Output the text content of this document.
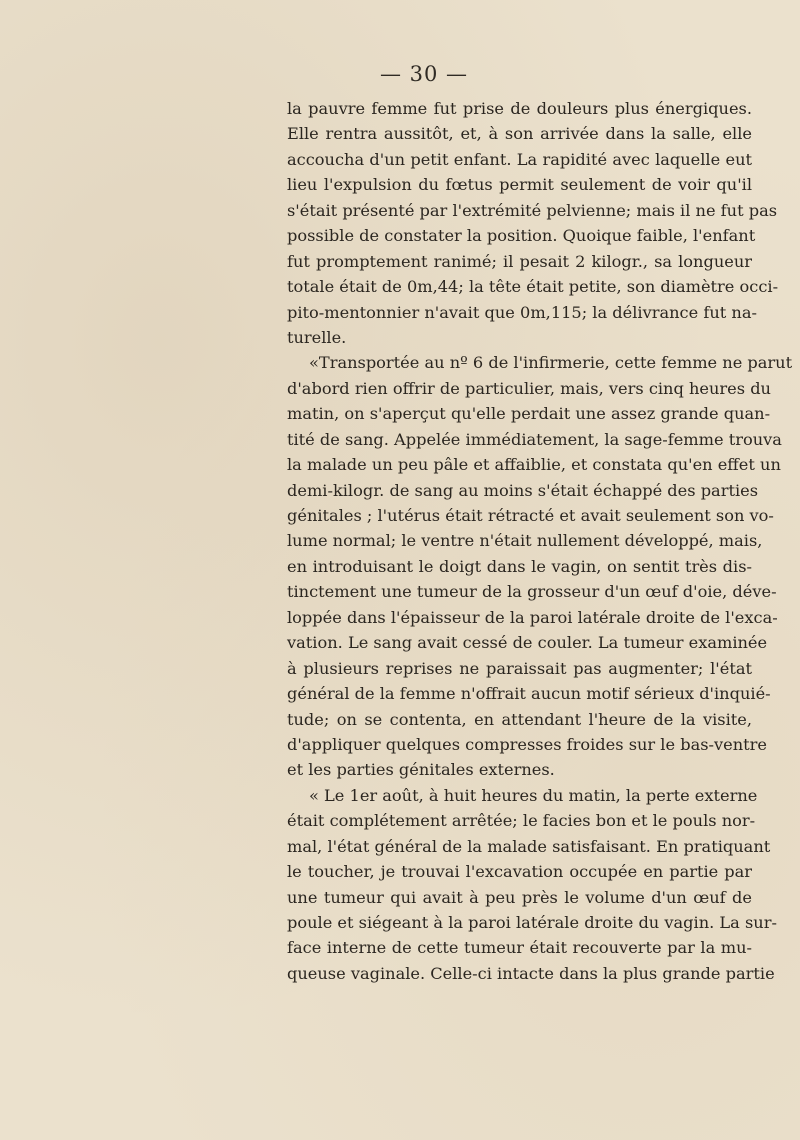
— 30 —
la pauvre femme fut prise de douleurs plus énergiques.
Elle rentra aussitôt, et, à son arrivée dans la salle, elle
accoucha d'un petit enfant. La rapidité avec laquelle eut
lieu l'expulsion du fœtus permit seulement de voir qu'il
s'était présenté par l'extrémité pelvienne; mais il ne fut pas
possible de constater la position. Quoique faible, l'enfant
fut promptement ranimé; il pesait 2 kilogr., sa longueur
totale était de 0m,44; la tête était petite, son diamètre occi-
pito-mentonnier n'avait que 0m,115; la délivrance fut na-
turelle.
«Transportée au nº 6 de l'infirmerie, cette femme ne parut
d'abord rien offrir de particulier, mais, vers cinq heures du
matin, on s'aperçut qu'elle perdait une assez grande quan-
tité de sang. Appelée immédiatement, la sage-femme trouva
la malade un peu pâle et affaiblie, et constata qu'en effet un
demi-kilogr. de sang au moins s'était échappé des parties
génitales ; l'utérus était rétracté et avait seulement son vo-
lume normal; le ventre n'était nullement développé, mais,
en introduisant le doigt dans le vagin, on sentit très dis-
tinctement une tumeur de la grosseur d'un œuf d'oie, déve-
loppée dans l'épaisseur de la paroi latérale droite de l'exca-
vation. Le sang avait cessé de couler. La tumeur examinée
à plusieurs reprises ne paraissait pas augmenter; l'état
général de la femme n'offrait aucun motif sérieux d'inquié-
tude; on se contenta, en attendant l'heure de la visite,
d'appliquer quelques compresses froides sur le bas-ventre
et les parties génitales externes.
« Le 1er août, à huit heures du matin, la perte externe
était complétement arrêtée; le facies bon et le pouls nor-
mal, l'état général de la malade satisfaisant. En pratiquant
le toucher, je trouvai l'excavation occupée en partie par
une tumeur qui avait à peu près le volume d'un œuf de
poule et siégeant à la paroi latérale droite du vagin. La sur-
face interne de cette tumeur était recouverte par la mu-
queuse vaginale. Celle-ci intacte dans la plus grande partie
